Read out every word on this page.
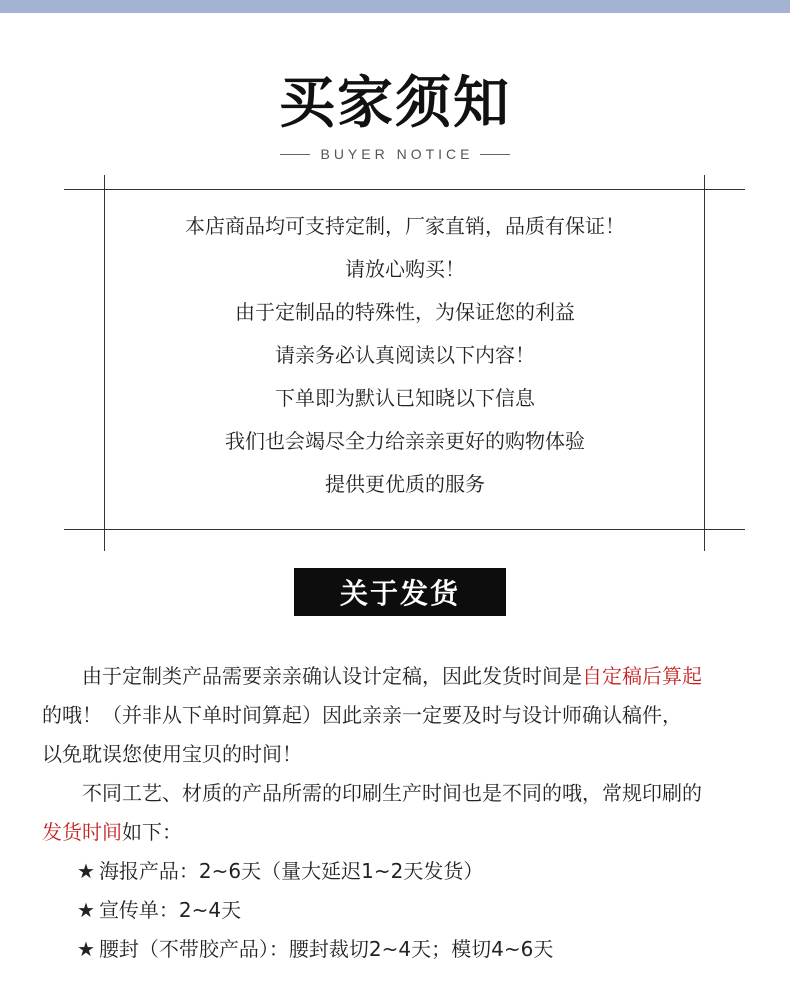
买家须知
BUYER NOTICE
本店商品均可支持定制，厂家直销，品质有保证！
请放心购买！
由于定制品的特殊性，为保证您的利益
请亲务必认真阅读以下内容！
下单即为默认已知晓以下信息
我们也会竭尽全力给亲亲更好的购物体验
提供更优质的服务
关于发货
由于定制类产品需要亲亲确认设计定稿，因此发货时间是自定稿后算起
的哦！（并非从下单时间算起）因此亲亲一定要及时与设计师确认稿件，
以免耽误您使用宝贝的时间！
不同工艺、材质的产品所需的印刷生产时间也是不同的哦，常规印刷的
发货时间如下：
★ 海报产品：2~6天（量大延迟1~2天发货）
★ 宣传单：2~4天
★ 腰封（不带胶产品）：腰封裁切2~4天；模切4~6天
